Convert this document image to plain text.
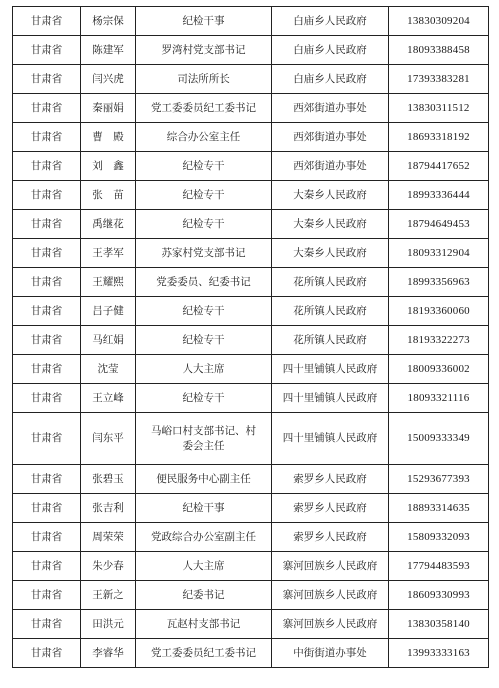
甘肃省	杨宗保	纪检干事	白庙乡人民政府	13830309204
甘肃省	陈建军	罗湾村党支部书记	白庙乡人民政府	18093388458
甘肃省	闫兴虎	司法所所长	白庙乡人民政府	17393383281
甘肃省	秦丽娟	党工委委员纪工委书记	西郊街道办事处	13830311512
甘肃省	曹　殿	综合办公室主任	西郊街道办事处	18693318192
甘肃省	刘　鑫	纪检专干	西郊街道办事处	18794417652
甘肃省	张　苗	纪检专干	大秦乡人民政府	18993336444
甘肃省	禹继花	纪检专干	大秦乡人民政府	18794649453
甘肃省	王孝军	苏家村党支部书记	大秦乡人民政府	18093312904
甘肃省	王耀熙	党委委员、纪委书记	花所镇人民政府	18993356963
甘肃省	吕子健	纪检专干	花所镇人民政府	18193360060
甘肃省	马红娟	纪检专干	花所镇人民政府	18193322273
甘肃省	沈莹	人大主席	四十里铺镇人民政府	18009336002
甘肃省	王立峰	纪检专干	四十里铺镇人民政府	18093321116
甘肃省	闫东平	马峪口村支部书记、村委会主任	四十里铺镇人民政府	15009333349
甘肃省	张碧玉	便民服务中心副主任	索罗乡人民政府	15293677393
甘肃省	张吉利	纪检干事	索罗乡人民政府	18893314635
甘肃省	周荣荣	党政综合办公室副主任	索罗乡人民政府	15809332093
甘肃省	朱少春	人大主席	寨河回族乡人民政府	17794483593
甘肃省	王新之	纪委书记	寨河回族乡人民政府	18609330993
甘肃省	田洪元	瓦赵村支部书记	寨河回族乡人民政府	13830358140
甘肃省	李睿华	党工委委员纪工委书记	中街街道办事处	13993333163
